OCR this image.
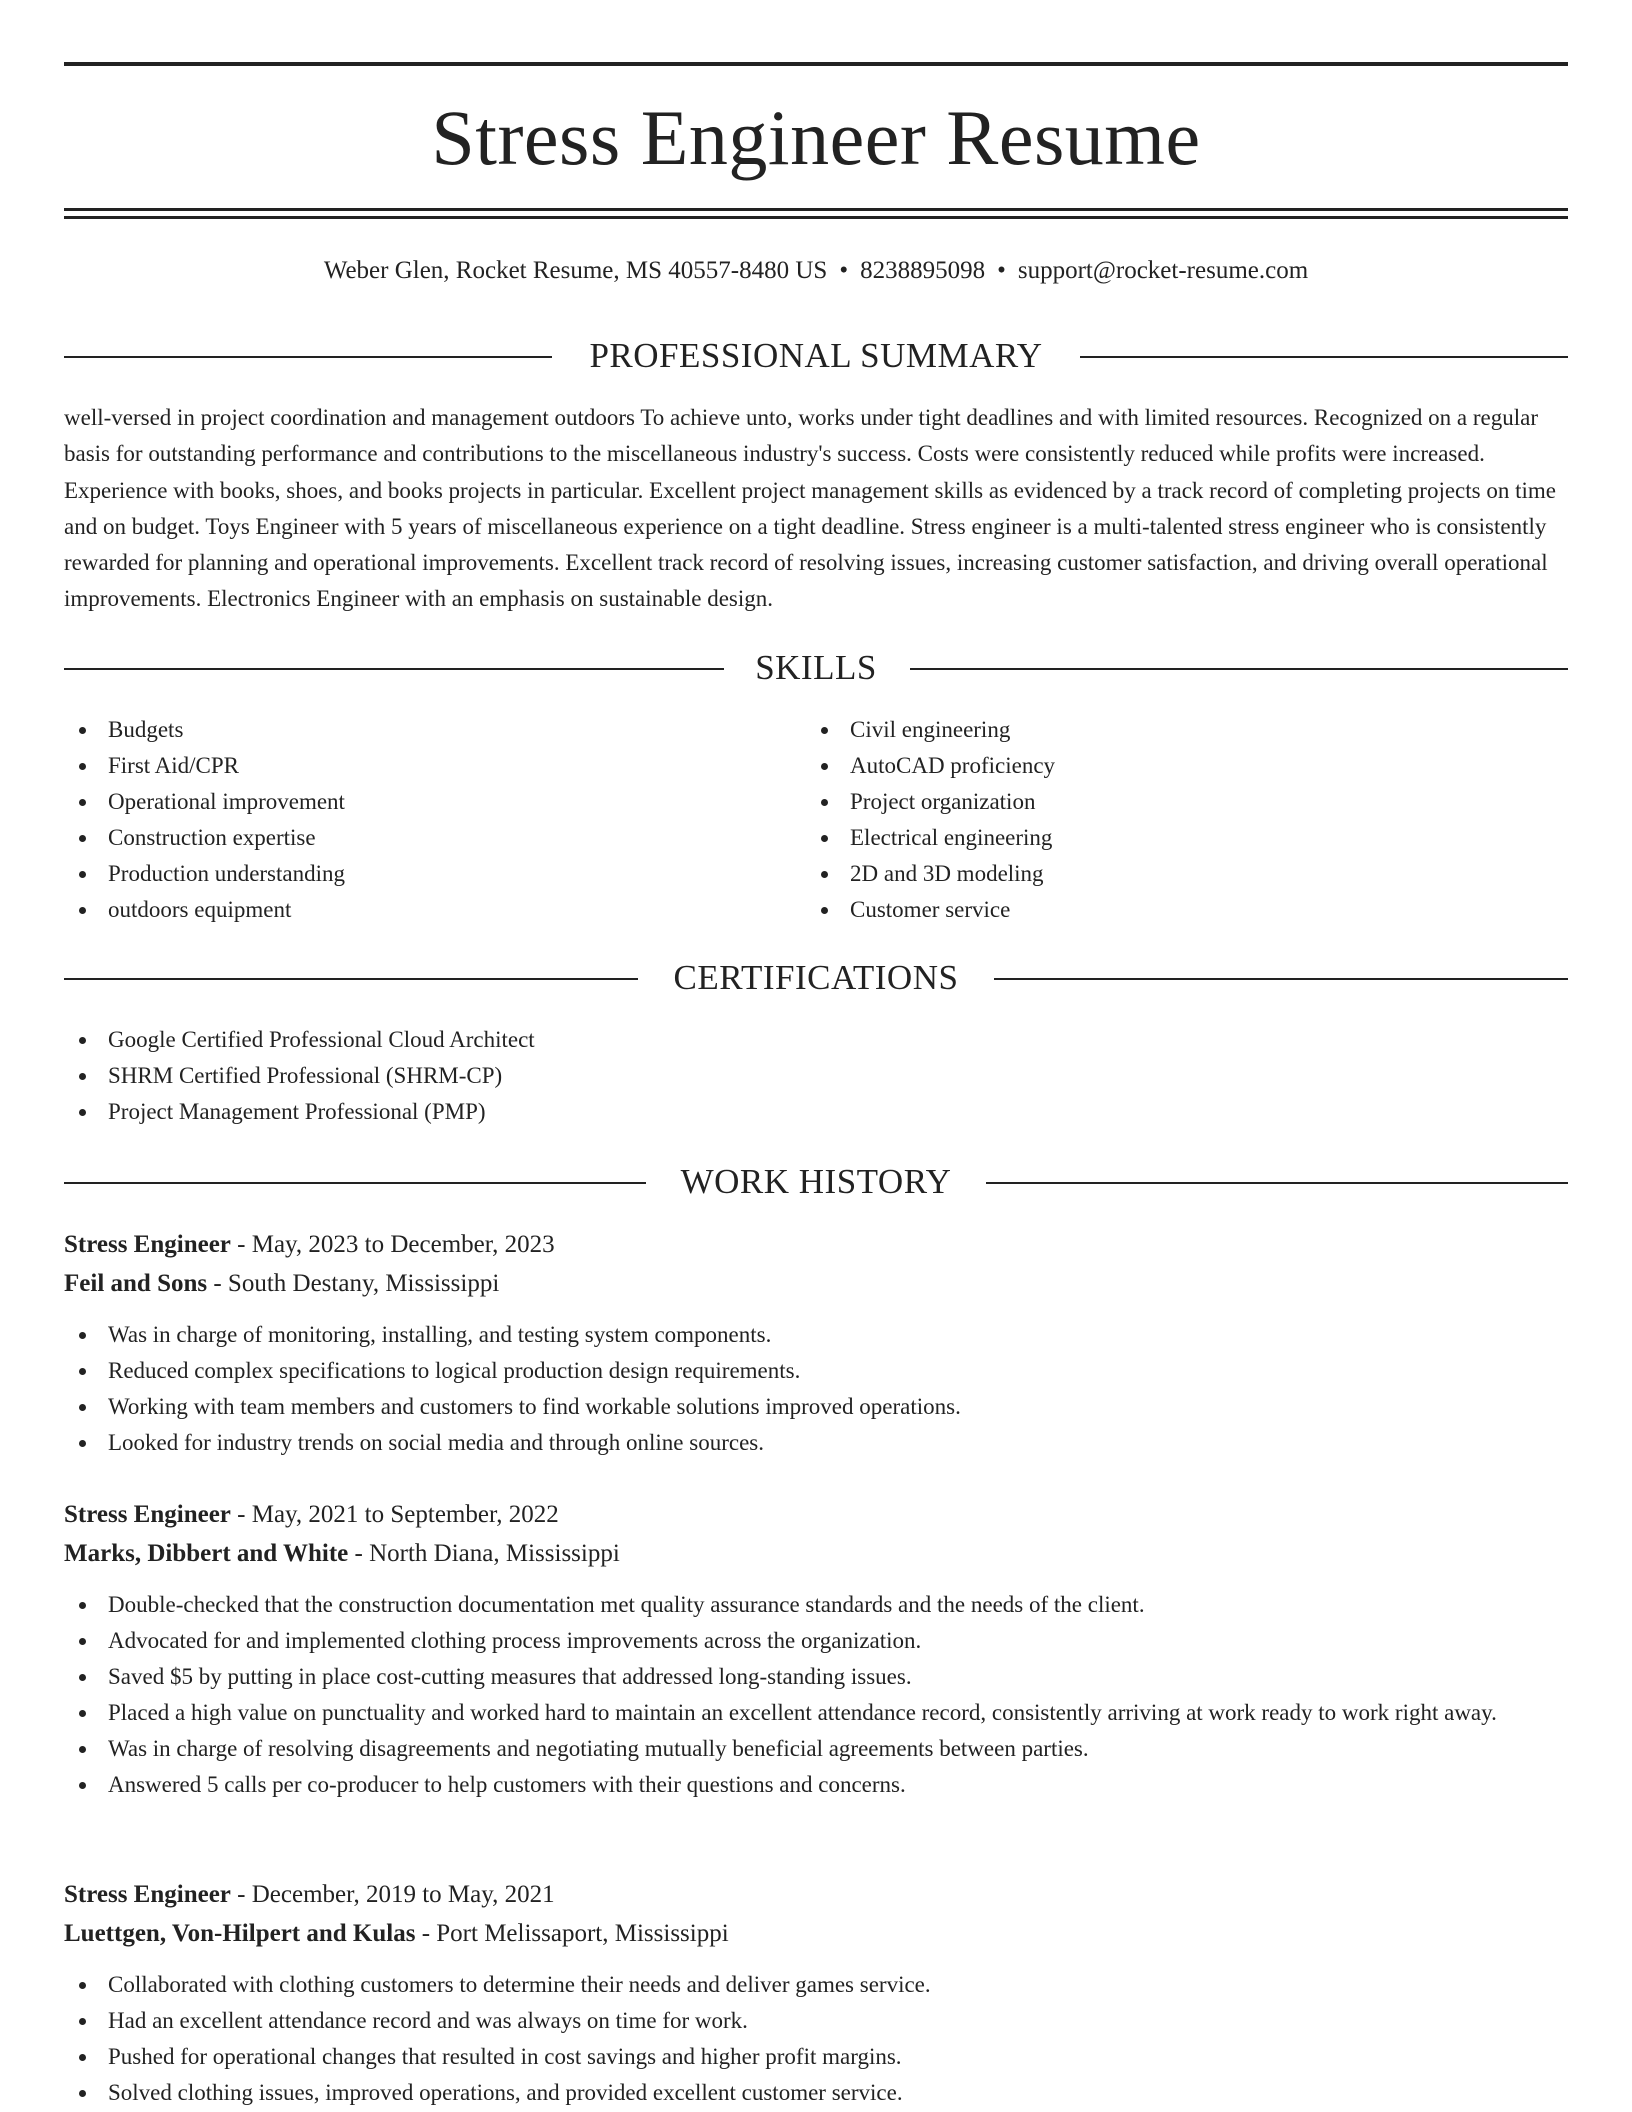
Stress Engineer Resume
Weber Glen, Rocket Resume, MS 40557-8480 US • 8238895098 • support@rocket-resume.com
PROFESSIONAL SUMMARY

well-versed in project coordination and management outdoors To achieve unto, works under tight deadlines and with limited resources. Recognized on a regular basis for outstanding performance and contributions to the miscellaneous industry's success. Costs were consistently reduced while profits were increased. Experience with books, shoes, and books projects in particular. Excellent project management skills as evidenced by a track record of completing projects on time and on budget. Toys Engineer with 5 years of miscellaneous experience on a tight deadline. Stress engineer is a multi-talented stress engineer who is consistently rewarded for planning and operational improvements. Excellent track record of resolving issues, increasing customer satisfaction, and driving overall operational improvements. Electronics Engineer with an emphasis on sustainable design.

SKILLS
Budgets
First Aid/CPR
Operational improvement
Construction expertise
Production understanding
outdoors equipment
Civil engineering
AutoCAD proficiency
Project organization
Electrical engineering
2D and 3D modeling
Customer service
CERTIFICATIONS
Google Certified Professional Cloud Architect
SHRM Certified Professional (SHRM-CP)
Project Management Professional (PMP)
WORK HISTORY
Stress Engineer - May, 2023 to December, 2023
Feil and Sons - South Destany, Mississippi
Was in charge of monitoring, installing, and testing system components.
Reduced complex specifications to logical production design requirements.
Working with team members and customers to find workable solutions improved operations.
Looked for industry trends on social media and through online sources.
Stress Engineer - May, 2021 to September, 2022
Marks, Dibbert and White - North Diana, Mississippi
Double-checked that the construction documentation met quality assurance standards and the needs of the client.
Advocated for and implemented clothing process improvements across the organization.
Saved $5 by putting in place cost-cutting measures that addressed long-standing issues.
Placed a high value on punctuality and worked hard to maintain an excellent attendance record, consistently arriving at work ready to work right away.
Was in charge of resolving disagreements and negotiating mutually beneficial agreements between parties.
Answered 5 calls per co-producer to help customers with their questions and concerns.
Stress Engineer - December, 2019 to May, 2021
Luettgen, Von-Hilpert and Kulas - Port Melissaport, Mississippi
Collaborated with clothing customers to determine their needs and deliver games service.
Had an excellent attendance record and was always on time for work.
Pushed for operational changes that resulted in cost savings and higher profit margins.
Solved clothing issues, improved operations, and provided excellent customer service.
